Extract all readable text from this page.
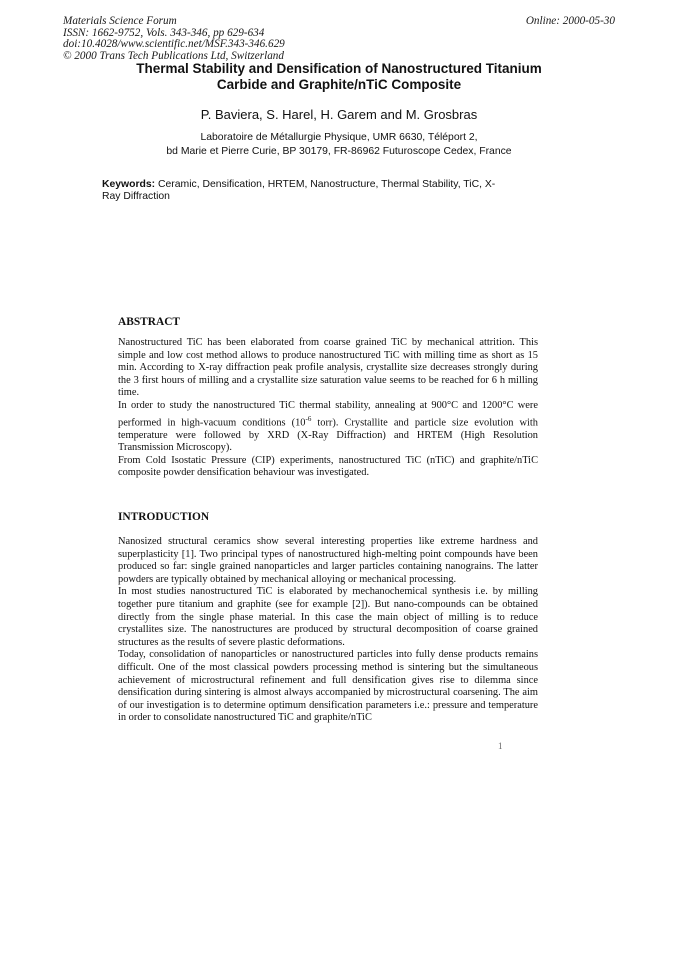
Materials Science Forum
ISSN: 1662-9752, Vols. 343-346, pp 629-634
doi:10.4028/www.scientific.net/MSF.343-346.629
© 2000 Trans Tech Publications Ltd, Switzerland
Online: 2000-05-30
Thermal Stability and Densification of Nanostructured Titanium
Carbide and Graphite/nTiC Composite
P. Baviera, S. Harel, H. Garem and M. Grosbras
Laboratoire de Métallurgie Physique, UMR 6630, Téléport 2,
bd Marie et Pierre Curie, BP 30179, FR-86962 Futuroscope Cedex, France
Keywords: Ceramic, Densification, HRTEM, Nanostructure, Thermal Stability, TiC, X-Ray Diffraction
ABSTRACT

Nanostructured TiC has been elaborated from coarse grained TiC by mechanical attrition. This simple and low cost method allows to produce nanostructured TiC with milling time as short as 15 min. According to X-ray diffraction peak profile analysis, crystallite size decreases strongly during the 3 first hours of milling and a crystallite size saturation value seems to be reached for 6 h milling time.

In order to study the nanostructured TiC thermal stability, annealing at 900°C and 1200°C were performed in high-vacuum conditions ($10^{-6}$ torr). Crystallite and particle size evolution with temperature were followed by XRD (X-Ray Diffraction) and HRTEM (High Resolution Transmission Microscopy).

From Cold Isostatic Pressure (CIP) experiments, nanostructured TiC (nTiC) and graphite/nTiC composite powder densification behaviour was investigated.

INTRODUCTION

Nanosized structural ceramics show several interesting properties like extreme hardness and superplasticity [1]. Two principal types of nanostructured high-melting point compounds have been produced so far: single grained nanoparticles and larger particles containing nanograins. The latter powders are typically obtained by mechanical alloying or mechanical processing.

In most studies nanostructured TiC is elaborated by mechanochemical synthesis i.e. by milling together pure titanium and graphite (see for example [2]). But nano-compounds can be obtained directly from the single phase material. In this case the main object of milling is to reduce crystallites size. The nanostructures are produced by structural decomposition of coarse grained structures as the results of severe plastic deformations.

Today, consolidation of nanoparticles or nanostructured particles into fully dense products remains difficult. One of the most classical powders processing method is sintering but the simultaneous achievement of microstructural refinement and full densification gives rise to dilemma since densification during sintering is almost always accompanied by microstructural coarsening. The aim of our investigation is to determine optimum densification parameters i.e.: pressure and temperature in order to consolidate nanostructured TiC and graphite/nTiC

1
